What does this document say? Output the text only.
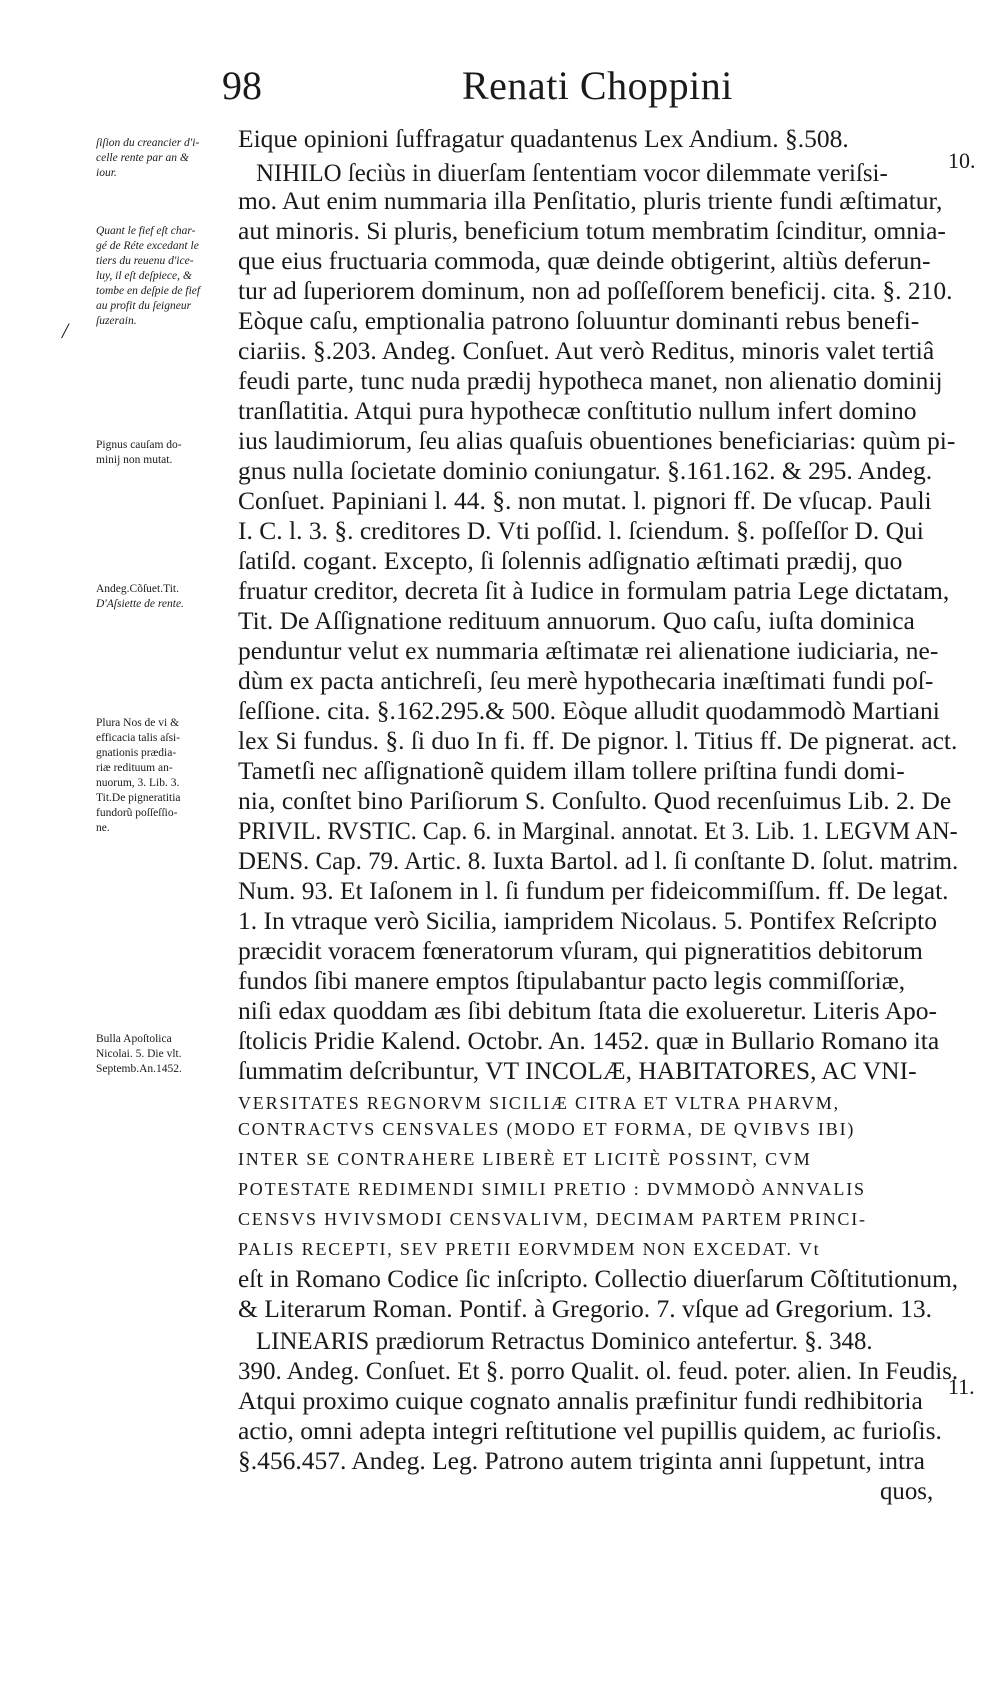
98	Renati Choppini
/
10.
11.
ſiſion du creancier d'i-
celle rente par an &
iour.
Quant le fief eſt char-
gé de Réte excedant le
tiers du reuenu d'ice-
luy, il eſt deſpiece, &
tombe en deſpie de fief
au profit du ſeigneur
ſuzerain.
Pignus cauſam do-
minij non mutat.
Andeg.Cõſuet.Tit.
D'Aſsiette de rente.
Plura Nos de vi &
efficacia talis aſsi-
gnationis prædia-
riæ redituum an-
nuorum, 3. Lib. 3.
Tit.De pigneratitia
fundorũ poſſeſſio-
ne.
Bulla Apoſtolica
Nicolai. 5. Die vlt.
Septemb.An.1452.
Eique opinioni ſuffragatur quadantenus Lex Andium. §.508.
NIHILO ſeciùs in diuerſam ſententiam vocor dilemmate veriſsi-
mo. Aut enim nummaria illa Penſitatio, pluris triente fundi æſtimatur,
aut minoris. Si pluris, beneficium totum membratim ſcinditur, omnia-
que eius fructuaria commoda, quæ deinde obtigerint, altiùs deferun-
tur ad ſuperiorem dominum, non ad poſſeſſorem beneficij. cita. §. 210.
Eòque caſu, emptionalia patrono ſoluuntur dominanti rebus benefi-
ciariis. §.203. Andeg. Conſuet. Aut verò Reditus, minoris valet tertiâ
feudi parte, tunc nuda prædij hypotheca manet, non alienatio dominij
tranſlatitia. Atqui pura hypothecæ conſtitutio nullum infert domino
ius laudimiorum, ſeu alias quaſuis obuentiones beneficiarias: quùm pi-
gnus nulla ſocietate dominio coniungatur. §.161.162. & 295. Andeg.
Conſuet. Papiniani l. 44. §. non mutat. l. pignori ff. De vſucap. Pauli
I. C. l. 3. §. creditores D. Vti poſſid. l. ſciendum. §. poſſeſſor D. Qui
ſatiſd. cogant. Excepto, ſi ſolennis adſignatio æſtimati prædij, quo
fruatur creditor, decreta ſit à Iudice in formulam patria Lege dictatam,
Tit. De Aſſignatione redituum annuorum. Quo caſu, iuſta dominica
penduntur velut ex nummaria æſtimatæ rei alienatione iudiciaria, ne-
dùm ex pacta antichreſi, ſeu merè hypothecaria inæſtimati fundi poſ-
ſeſſione. cita. §.162.295.& 500. Eòque alludit quodammodò Martiani
lex Si fundus. §. ſi duo In fi. ff. De pignor. l. Titius ff. De pignerat. act.
Tametſi nec aſſignationẽ quidem illam tollere priſtina fundi domi-
nia, conſtet bino Pariſiorum S. Conſulto. Quod recenſuimus Lib. 2. De
PRIVIL. RVSTIC. Cap. 6. in Marginal. annotat. Et 3. Lib. 1. LEGVM AN-
DENS. Cap. 79. Artic. 8. Iuxta Bartol. ad l. ſi conſtante D. ſolut. matrim.
Num. 93. Et Iaſonem in l. ſi fundum per fideicommiſſum. ff. De legat.
1. In vtraque verò Sicilia, iampridem Nicolaus. 5. Pontifex Reſcripto
præcidit voracem fœneratorum vſuram, qui pigneratitios debitorum
fundos ſibi manere emptos ſtipulabantur pacto legis commiſſoriæ,
niſi edax quoddam æs ſibi debitum ſtata die exolueretur. Literis Apo-
ſtolicis Pridie Kalend. Octobr. An. 1452. quæ in Bullario Romano ita
ſummatim deſcribuntur, VT INCOLÆ, HABITATORES, AC VNI-
VERSITATES REGNORVM SICILIÆ CITRA ET VLTRA PHARVM,
CONTRACTVS CENSVALES (MODO ET FORMA, DE QVIBVS IBI)
INTER SE CONTRAHERE LIBERÈ ET LICITÈ POSSINT, CVM
POTESTATE REDIMENDI SIMILI PRETIO : DVMMODÒ ANNVALIS
CENSVS HVIVSMODI CENSVALIVM, DECIMAM PARTEM PRINCI-
PALIS RECEPTI, SEV PRETII EORVMDEM NON EXCEDAT. Vt
eſt in Romano Codice ſic inſcripto. Collectio diuerſarum Cõſtitutionum,
& Literarum Roman. Pontif. à Gregorio. 7. vſque ad Gregorium. 13.
LINEARIS prædiorum Retractus Dominico antefertur. §. 348.
390. Andeg. Conſuet. Et §. porro Qualit. ol. feud. poter. alien. In Feudis.
Atqui proximo cuique cognato annalis præfinitur fundi redhibitoria
actio, omni adepta integri reſtitutione vel pupillis quidem, ac furioſis.
§.456.457. Andeg. Leg. Patrono autem triginta anni ſuppetunt, intra
quos,
